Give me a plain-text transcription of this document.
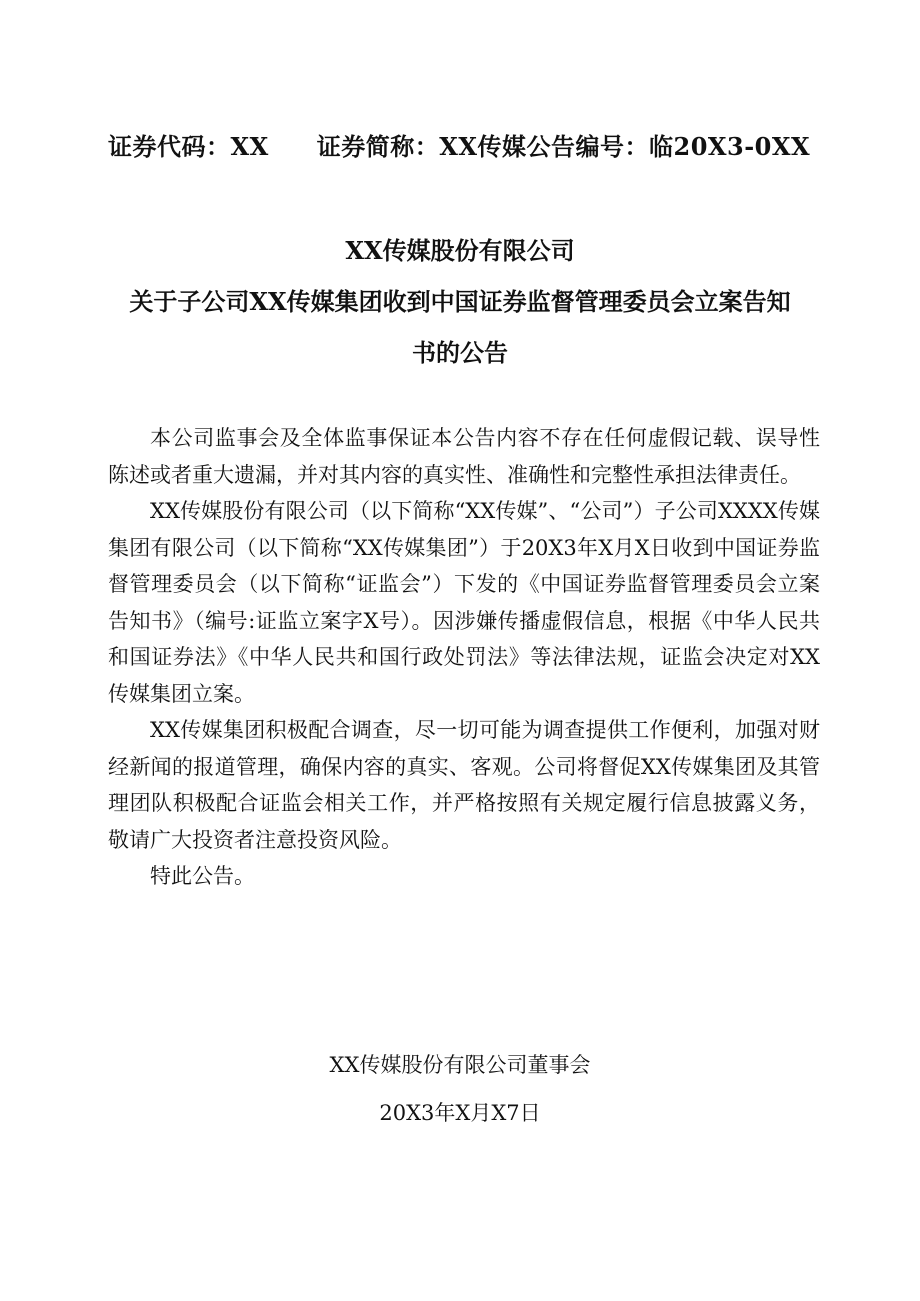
证券代码：XX 证券简称：XX传媒公告编号：临20X3-0XX
XX传媒股份有限公司
关于子公司XX传媒集团收到中国证券监督管理委员会立案告知
书的公告

本公司监事会及全体监事保证本公告内容不存在任何虚假记载、误导性陈述或者重大遗漏，并对其内容的真实性、准确性和完整性承担法律责任。

XX传媒股份有限公司（以下简称“XX传媒”、“公司”）子公司XXXX传媒集团有限公司（以下简称“XX传媒集团”）于20X3年X月X日收到中国证券监督管理委员会（以下简称“证监会”）下发的《中国证券监督管理委员会立案告知书》（编号:证监立案字X号）。因涉嫌传播虚假信息，根据《中华人民共和国证券法》《中华人民共和国行政处罚法》等法律法规，证监会决定对XX传媒集团立案。

XX传媒集团积极配合调查，尽一切可能为调查提供工作便利，加强对财经新闻的报道管理，确保内容的真实、客观。公司将督促XX传媒集团及其管理团队积极配合证监会相关工作，并严格按照有关规定履行信息披露义务，敬请广大投资者注意投资风险。

特此公告。

XX传媒股份有限公司董事会
20X3年X月X7日
